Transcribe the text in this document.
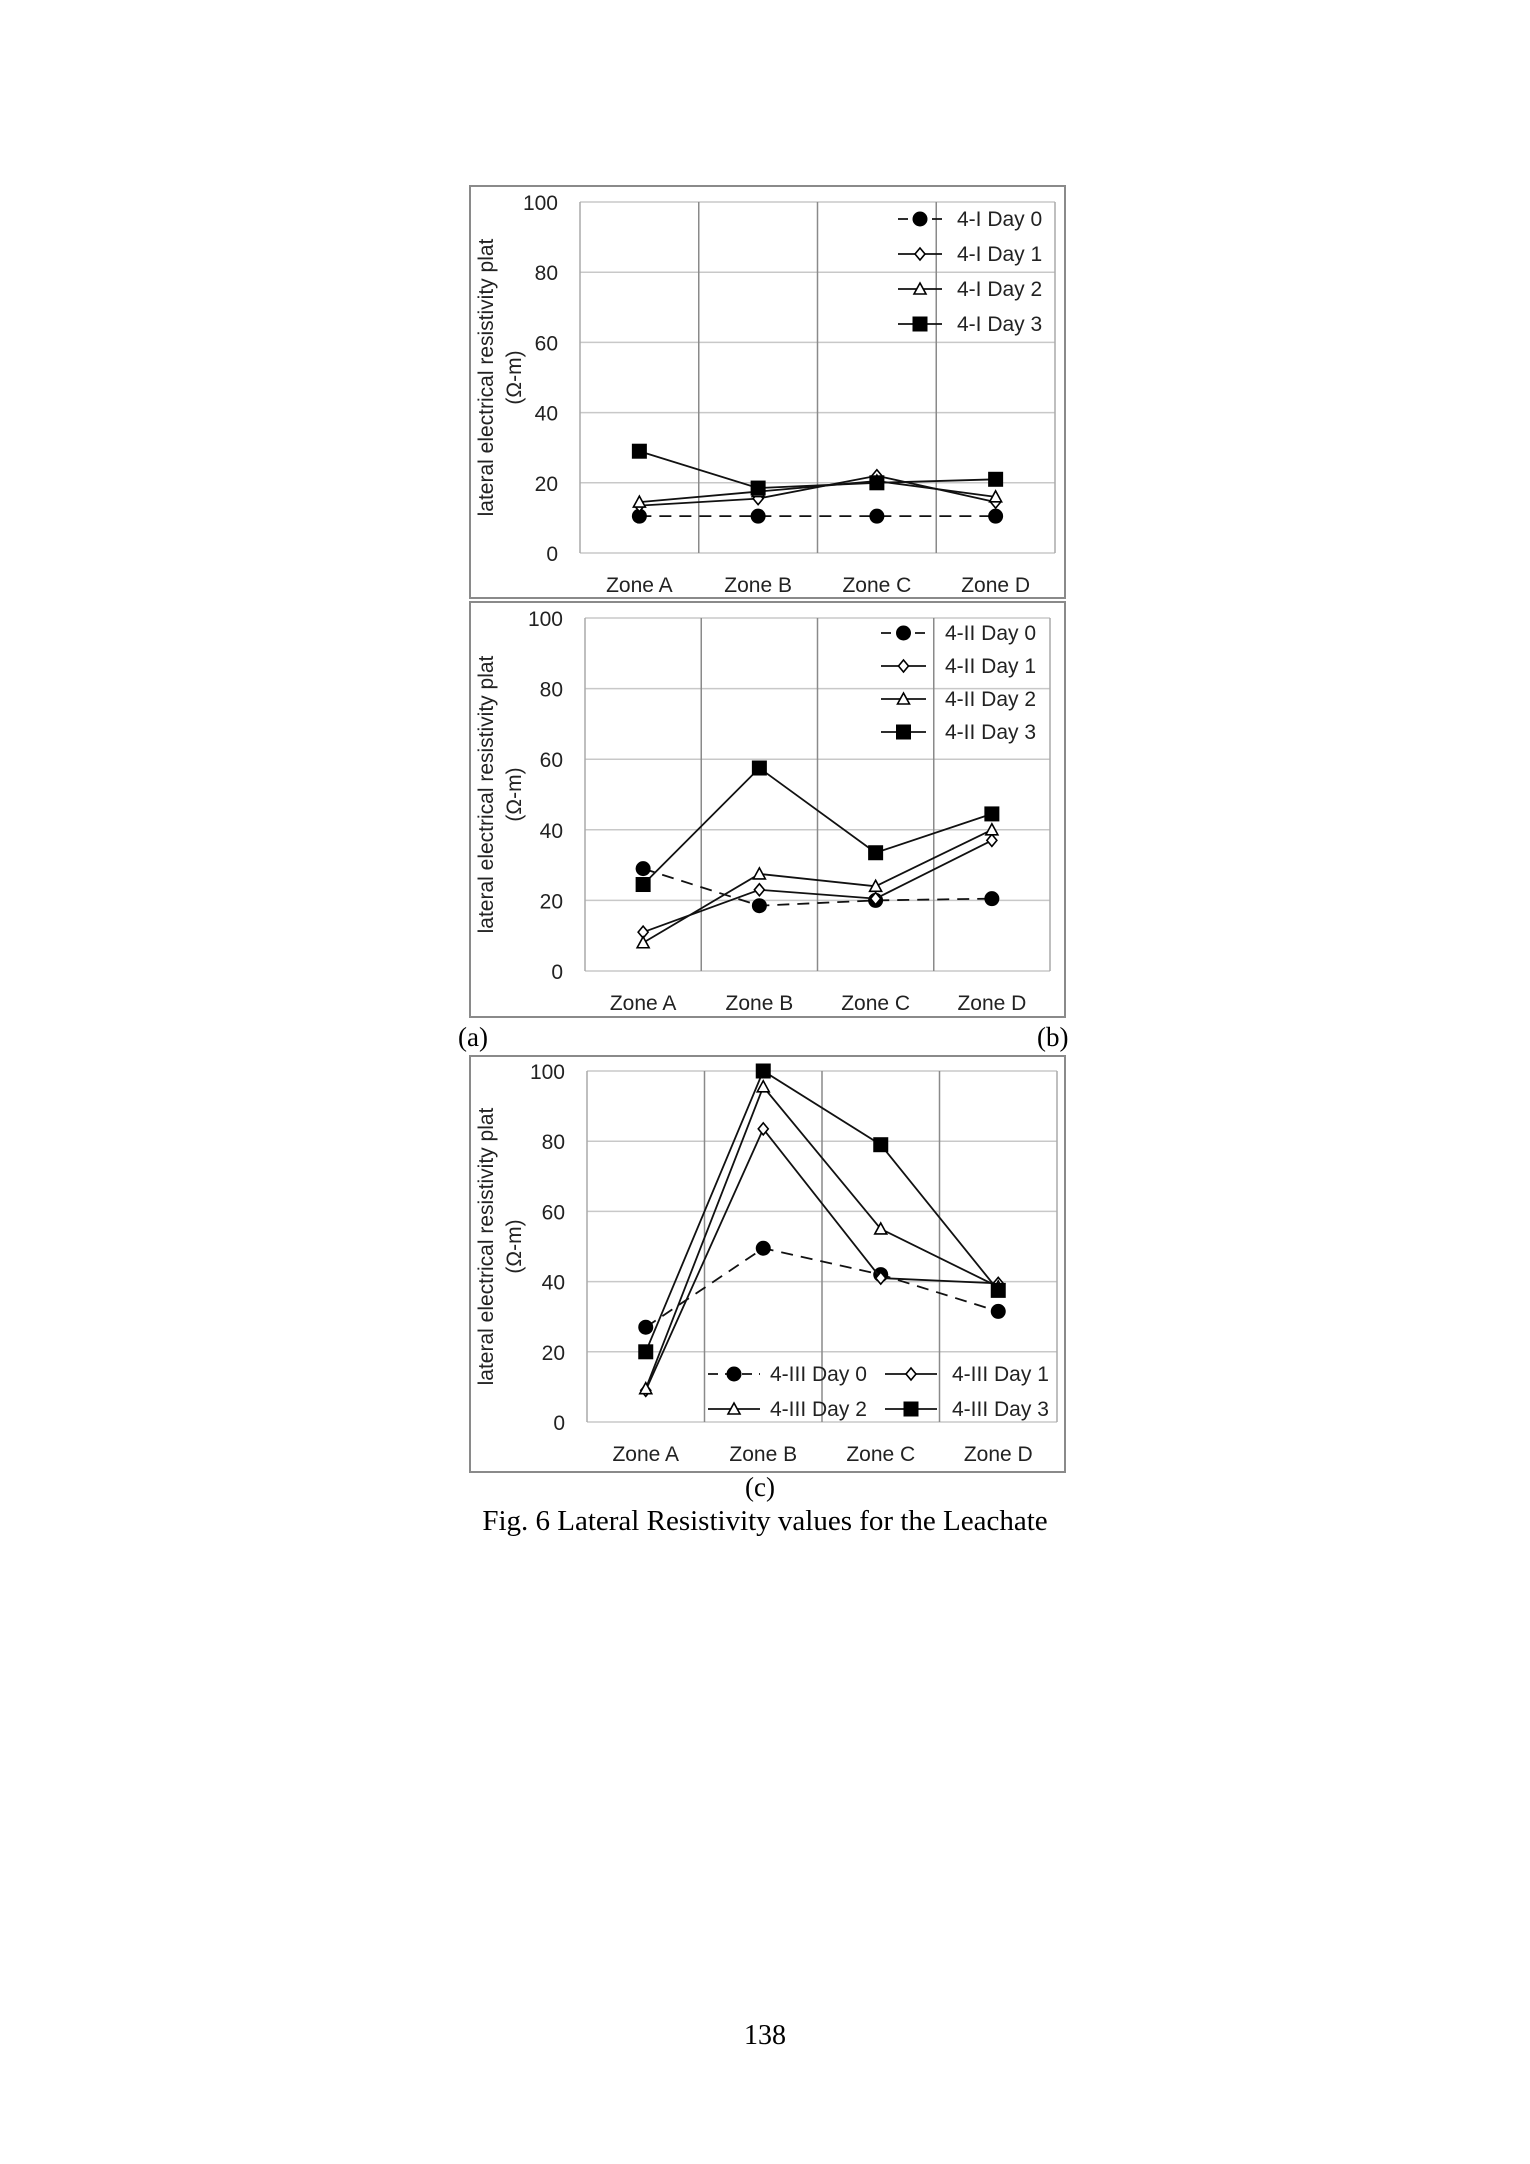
0
20
40
60
80
100
Zone A Zone B Zone C Zone D
lateral electrical resistivity plat (Ω-m)
4-I Day 0
4-I Day 1
4-I Day 2
4-I Day 3
0
20
40
60
80
100
Zone A Zone B Zone C Zone D
lateral electrical resistivity plat (Ω-m)
4-II Day 0
4-II Day 1
4-II Day 2
4-II Day 3
0
20
40
60
80
100
Zone A Zone B Zone C Zone D
lateral electrical resistivity plat (Ω-m)
4-III Day 0	4-III Day 1
4-III Day 2	4-III Day 3
(a)	(b)
(c)
Fig. 6 Lateral Resistivity values for the Leachate
138
